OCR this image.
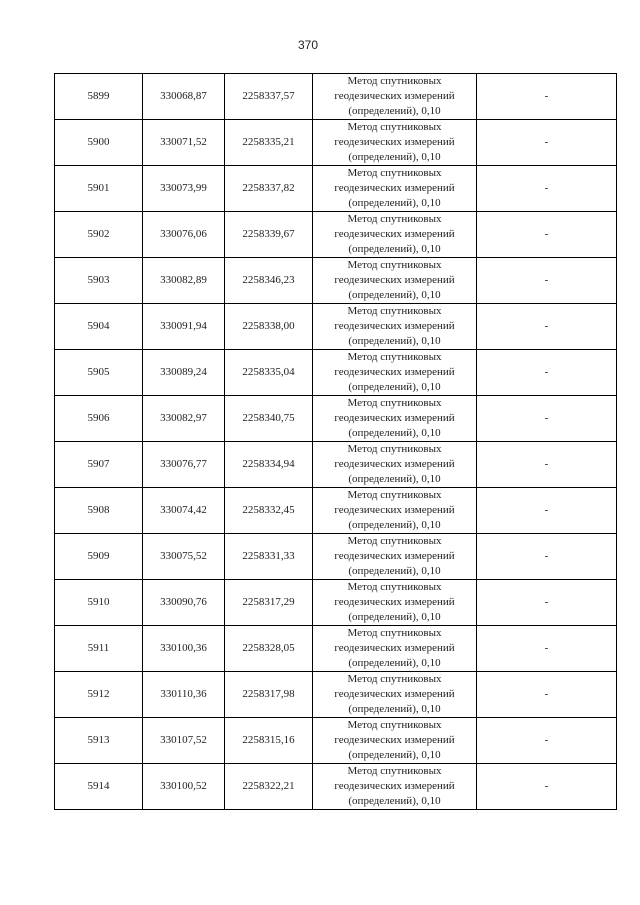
370
5899	330068,87	2258337,57	Метод спутниковых
геодезических измерений
(определений), 0,10	-
5900	330071,52	2258335,21	Метод спутниковых
геодезических измерений
(определений), 0,10	-
5901	330073,99	2258337,82	Метод спутниковых
геодезических измерений
(определений), 0,10	-
5902	330076,06	2258339,67	Метод спутниковых
геодезических измерений
(определений), 0,10	-
5903	330082,89	2258346,23	Метод спутниковых
геодезических измерений
(определений), 0,10	-
5904	330091,94	2258338,00	Метод спутниковых
геодезических измерений
(определений), 0,10	-
5905	330089,24	2258335,04	Метод спутниковых
геодезических измерений
(определений), 0,10	-
5906	330082,97	2258340,75	Метод спутниковых
геодезических измерений
(определений), 0,10	-
5907	330076,77	2258334,94	Метод спутниковых
геодезических измерений
(определений), 0,10	-
5908	330074,42	2258332,45	Метод спутниковых
геодезических измерений
(определений), 0,10	-
5909	330075,52	2258331,33	Метод спутниковых
геодезических измерений
(определений), 0,10	-
5910	330090,76	2258317,29	Метод спутниковых
геодезических измерений
(определений), 0,10	-
5911	330100,36	2258328,05	Метод спутниковых
геодезических измерений
(определений), 0,10	-
5912	330110,36	2258317,98	Метод спутниковых
геодезических измерений
(определений), 0,10	-
5913	330107,52	2258315,16	Метод спутниковых
геодезических измерений
(определений), 0,10	-
5914	330100,52	2258322,21	Метод спутниковых
геодезических измерений
(определений), 0,10	-
